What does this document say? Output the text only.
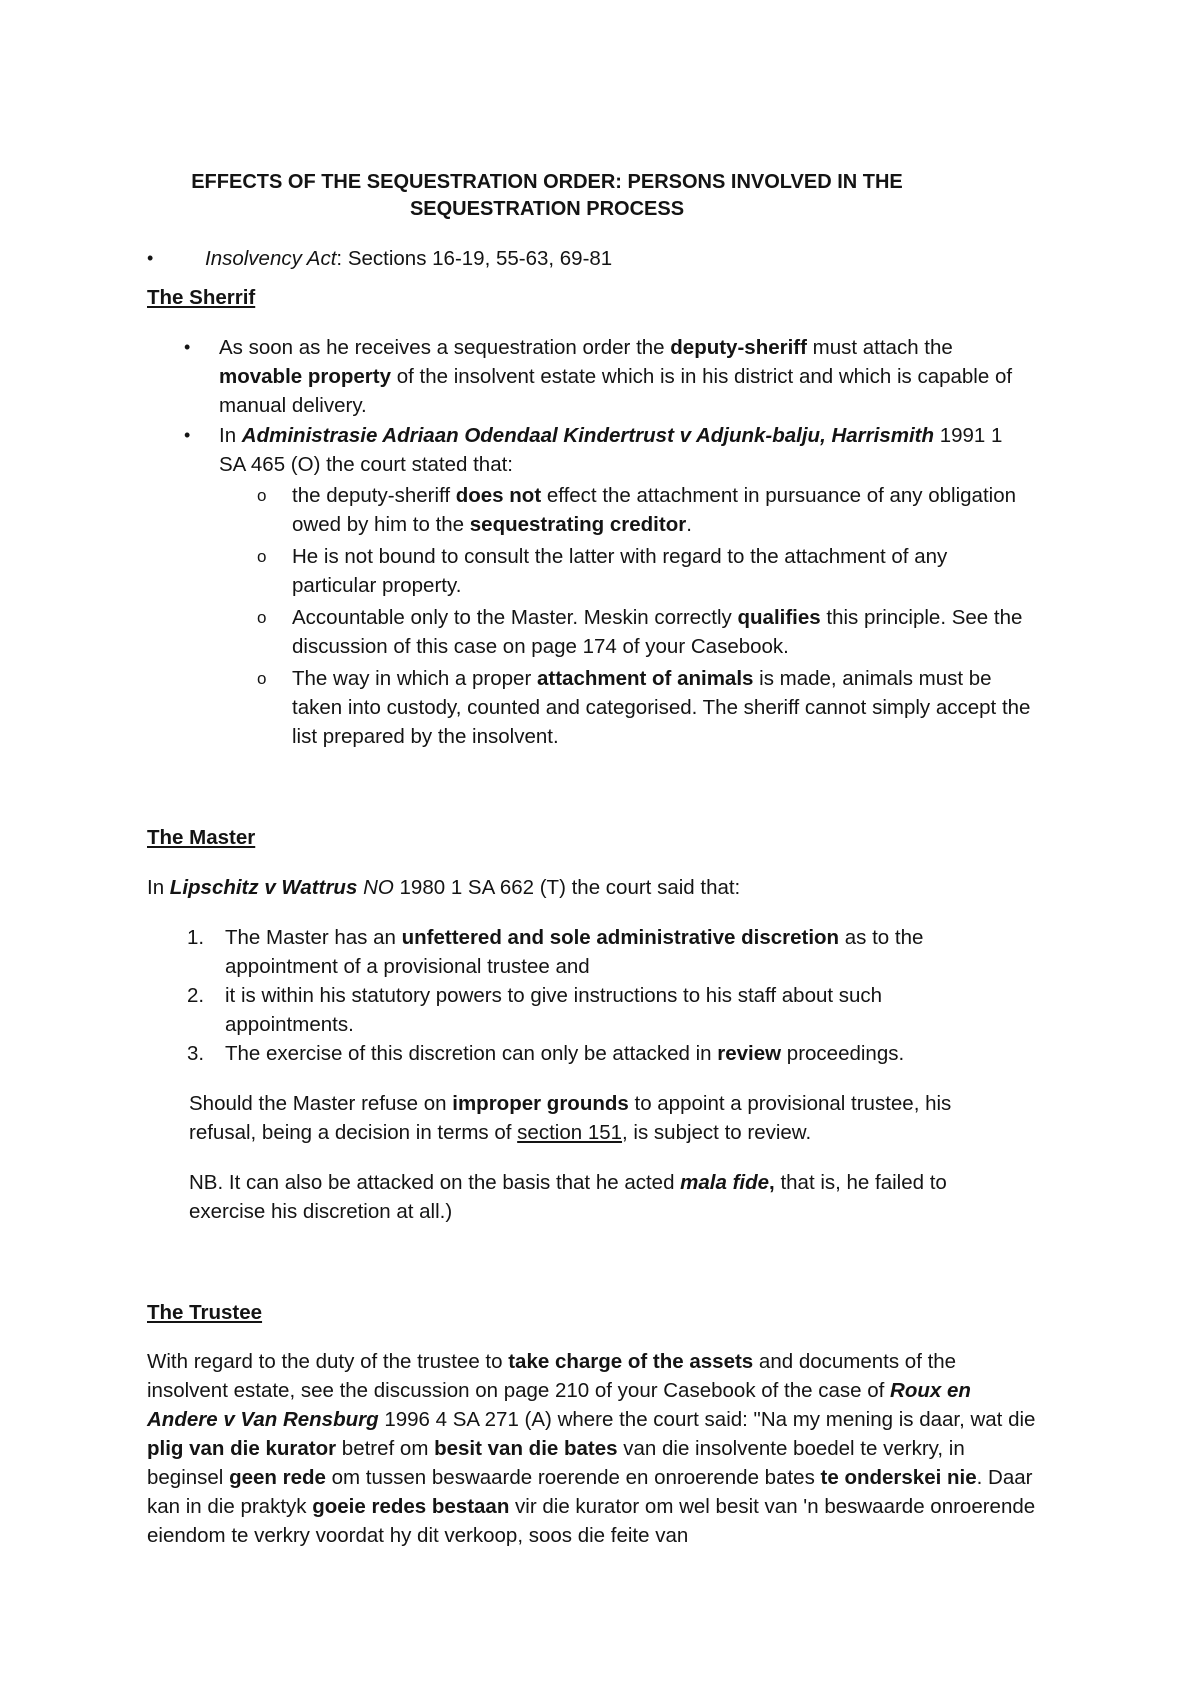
EFFECTS OF THE SEQUESTRATION ORDER: PERSONS INVOLVED IN THE
SEQUESTRATION PROCESS
•	Insolvency Act: Sections 16-19, 55-63, 69-81
The Sherrif
• As soon as he receives a sequestration order the deputy-sheriff must attach the movable property of the insolvent estate which is in his district and which is capable of manual delivery.

• In Administrasie Adriaan Odendaal Kindertrust v Adjunk-balju, Harrismith 1991 1 SA 465 (O) the court stated that:

o the deputy-sheriff does not effect the attachment in pursuance of any obligation owed by him to the sequestrating creditor.

o He is not bound to consult the latter with regard to the attachment of any particular property.

o Accountable only to the Master. Meskin correctly qualifies this principle. See the discussion of this case on page 174 of your Casebook.

o The way in which a proper attachment of animals is made, animals must be taken into custody, counted and categorised. The sheriff cannot simply accept the list prepared by the insolvent.

The Master

In Lipschitz v Wattrus NO 1980 1 SA 662 (T) the court said that:

1. The Master has an unfettered and sole administrative discretion as to the appointment of a provisional trustee and

2. it is within his statutory powers to give instructions to his staff about such appointments.

3. The exercise of this discretion can only be attacked in review proceedings.

Should the Master refuse on improper grounds to appoint a provisional trustee, his refusal, being a decision in terms of section 151, is subject to review.

NB. It can also be attacked on the basis that he acted mala fide, that is, he failed to exercise his discretion at all.)

The Trustee

With regard to the duty of the trustee to take charge of the assets and documents of the insolvent estate, see the discussion on page 210 of your Casebook of the case of Roux en Andere v Van Rensburg 1996 4 SA 271 (A) where the court said: "Na my mening is daar, wat die plig van die kurator betref om besit van die bates van die insolvente boedel te verkry, in beginsel geen rede om tussen beswaarde roerende en onroerende bates te onderskei nie. Daar kan in die praktyk goeie redes bestaan vir die kurator om wel besit van 'n beswaarde onroerende eiendom te verkry voordat hy dit verkoop, soos die feite van
